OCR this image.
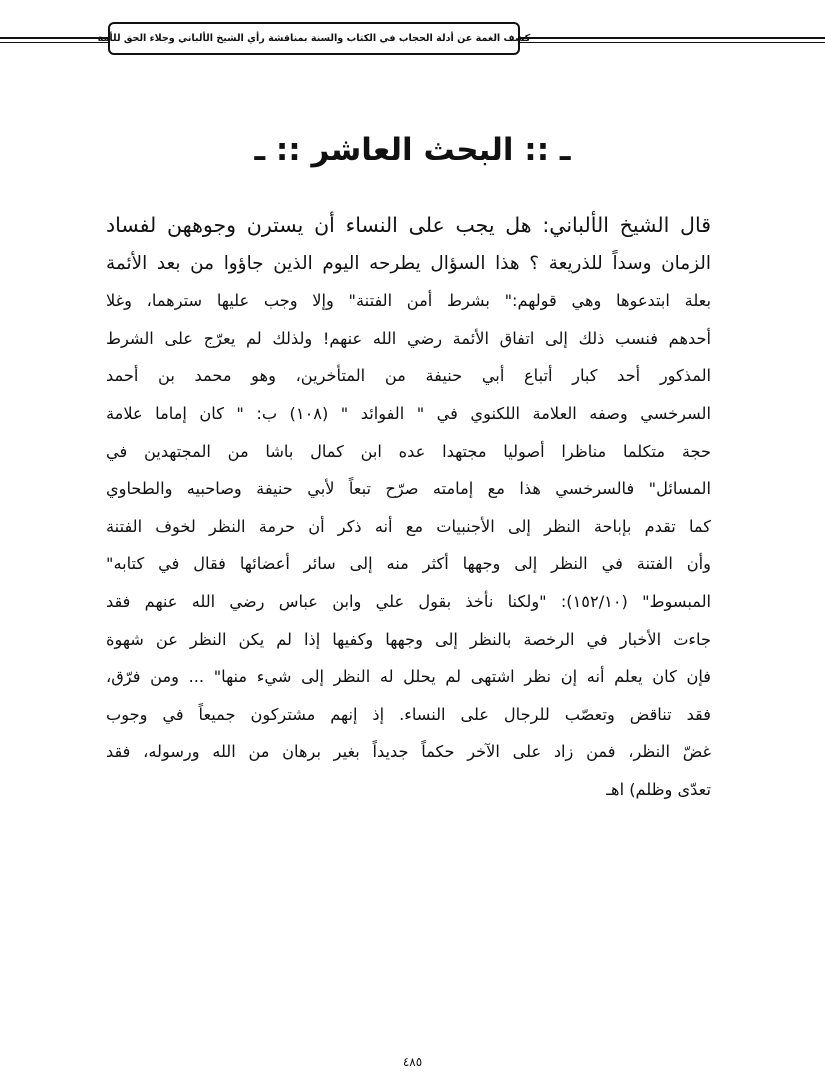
كشف الغمة عن أدلة الحجاب في الكتاب والسنة بمناقشة رأي الشيخ الألباني وجلاء الحق للأمة
ـ :: البحث العاشر :: ـ
قال الشيخ الألباني: هل يجب على النساء أن يسترن وجوههن لفساد
الزمان وسداً للذريعة ؟ هذا السؤال يطرحه اليوم الذين جاؤوا من بعد الأئمة
بعلة ابتدعوها وهي قولهم:" بشرط أمن الفتنة" وإلا وجب عليها سترهما، وغلا
أحدهم فنسب ذلك إلى اتفاق الأئمة رضي الله عنهم! ولذلك لم يعرّج على الشرط
المذكور أحد كبار أتباع أبي حنيفة من المتأخرين، وهو محمد بن أحمد
السرخسي وصفه العلامة اللكنوي في " الفوائد " (١٠٨) ب: " كان إماما علامة
حجة متكلما مناظرا أصوليا مجتهدا عده ابن كمال باشا من المجتهدين في
المسائل" فالسرخسي هذا مع إمامته صرّح تبعاً لأبي حنيفة وصاحبيه والطحاوي
كما تقدم بإباحة النظر إلى الأجنبيات مع أنه ذكر أن حرمة النظر لخوف الفتنة
وأن الفتنة في النظر إلى وجهها أكثر منه إلى سائر أعضائها فقال في كتابه"
المبسوط" (١٥٢/١٠): "ولكنا نأخذ بقول علي وابن عباس رضي الله عنهم فقد
جاءت الأخبار في الرخصة بالنظر إلى وجهها وكفيها إذا لم يكن النظر عن شهوة
فإن كان يعلم أنه إن نظر اشتهى لم يحلل له النظر إلى شيء منها" ... ومن فرّق،
فقد تناقض وتعصّب للرجال على النساء. إذ إنهم مشتركون جميعاً في وجوب
غضّ النظر، فمن زاد على الآخر حكماً جديداً بغير برهان من الله ورسوله، فقد
تعدّى وظلم) اهـ
٤٨٥
